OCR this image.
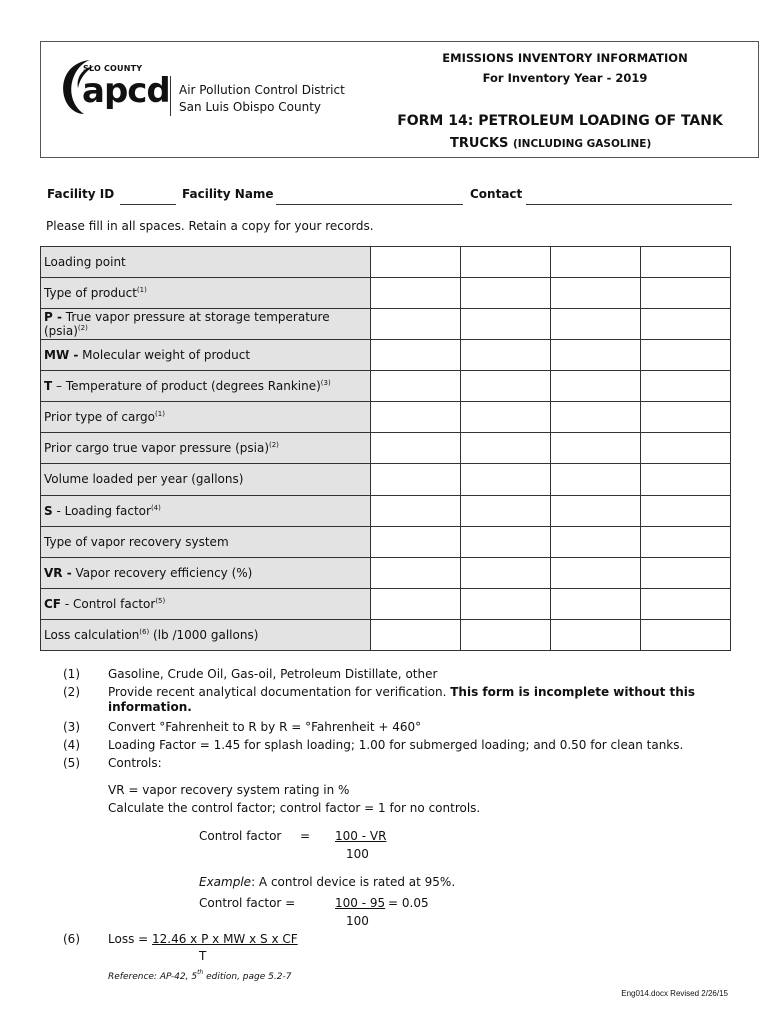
SLO COUNTY
apcd Air Pollution Control District
San Luis Obispo County
EMISSIONS INVENTORY INFORMATION
For Inventory Year - 2019
FORM 14: PETROLEUM LOADING OF TANK
TRUCKS (INCLUDING GASOLINE)
Facility ID	Facility Name	Contact
Please fill in all spaces. Retain a copy for your records.
Loading point				
Type of product$^{(1)}$				
P - True vapor pressure at storage temperature (psia)$^{(2)}$				
MW - Molecular weight of product				
T – Temperature of product (degrees Rankine)$^{(3)}$				
Prior type of cargo$^{(1)}$				
Prior cargo true vapor pressure (psia)$^{(2)}$				
Volume loaded per year (gallons)				
S - Loading factor$^{(4)}$				
Type of vapor recovery system				
VR - Vapor recovery efficiency (%)				
CF - Control factor$^{(5)}$				
Loss calculation$^{(6)}$ (lb /1000 gallons)				
(1) Gasoline, Crude Oil, Gas-oil, Petroleum Distillate, other
(2) Provide recent analytical documentation for verification. This form is incomplete without this
information.
(3) Convert °Fahrenheit to R by R = °Fahrenheit + 460°
(4) Loading Factor = 1.45 for splash loading; 1.00 for submerged loading; and 0.50 for clean tanks.
(5) Controls:
VR = vapor recovery system rating in %
Calculate the control factor; control factor = 1 for no controls.
Control factor = 100 - VR
100
Example: A control device is rated at 95%.
Control factor =	100 - 95 = 0.05
100
(6) Loss = 12.46 x P x MW x S x CF
T
Reference: AP-42, 5th edition, page 5.2-7
Eng014.docx Revised 2/26/15
